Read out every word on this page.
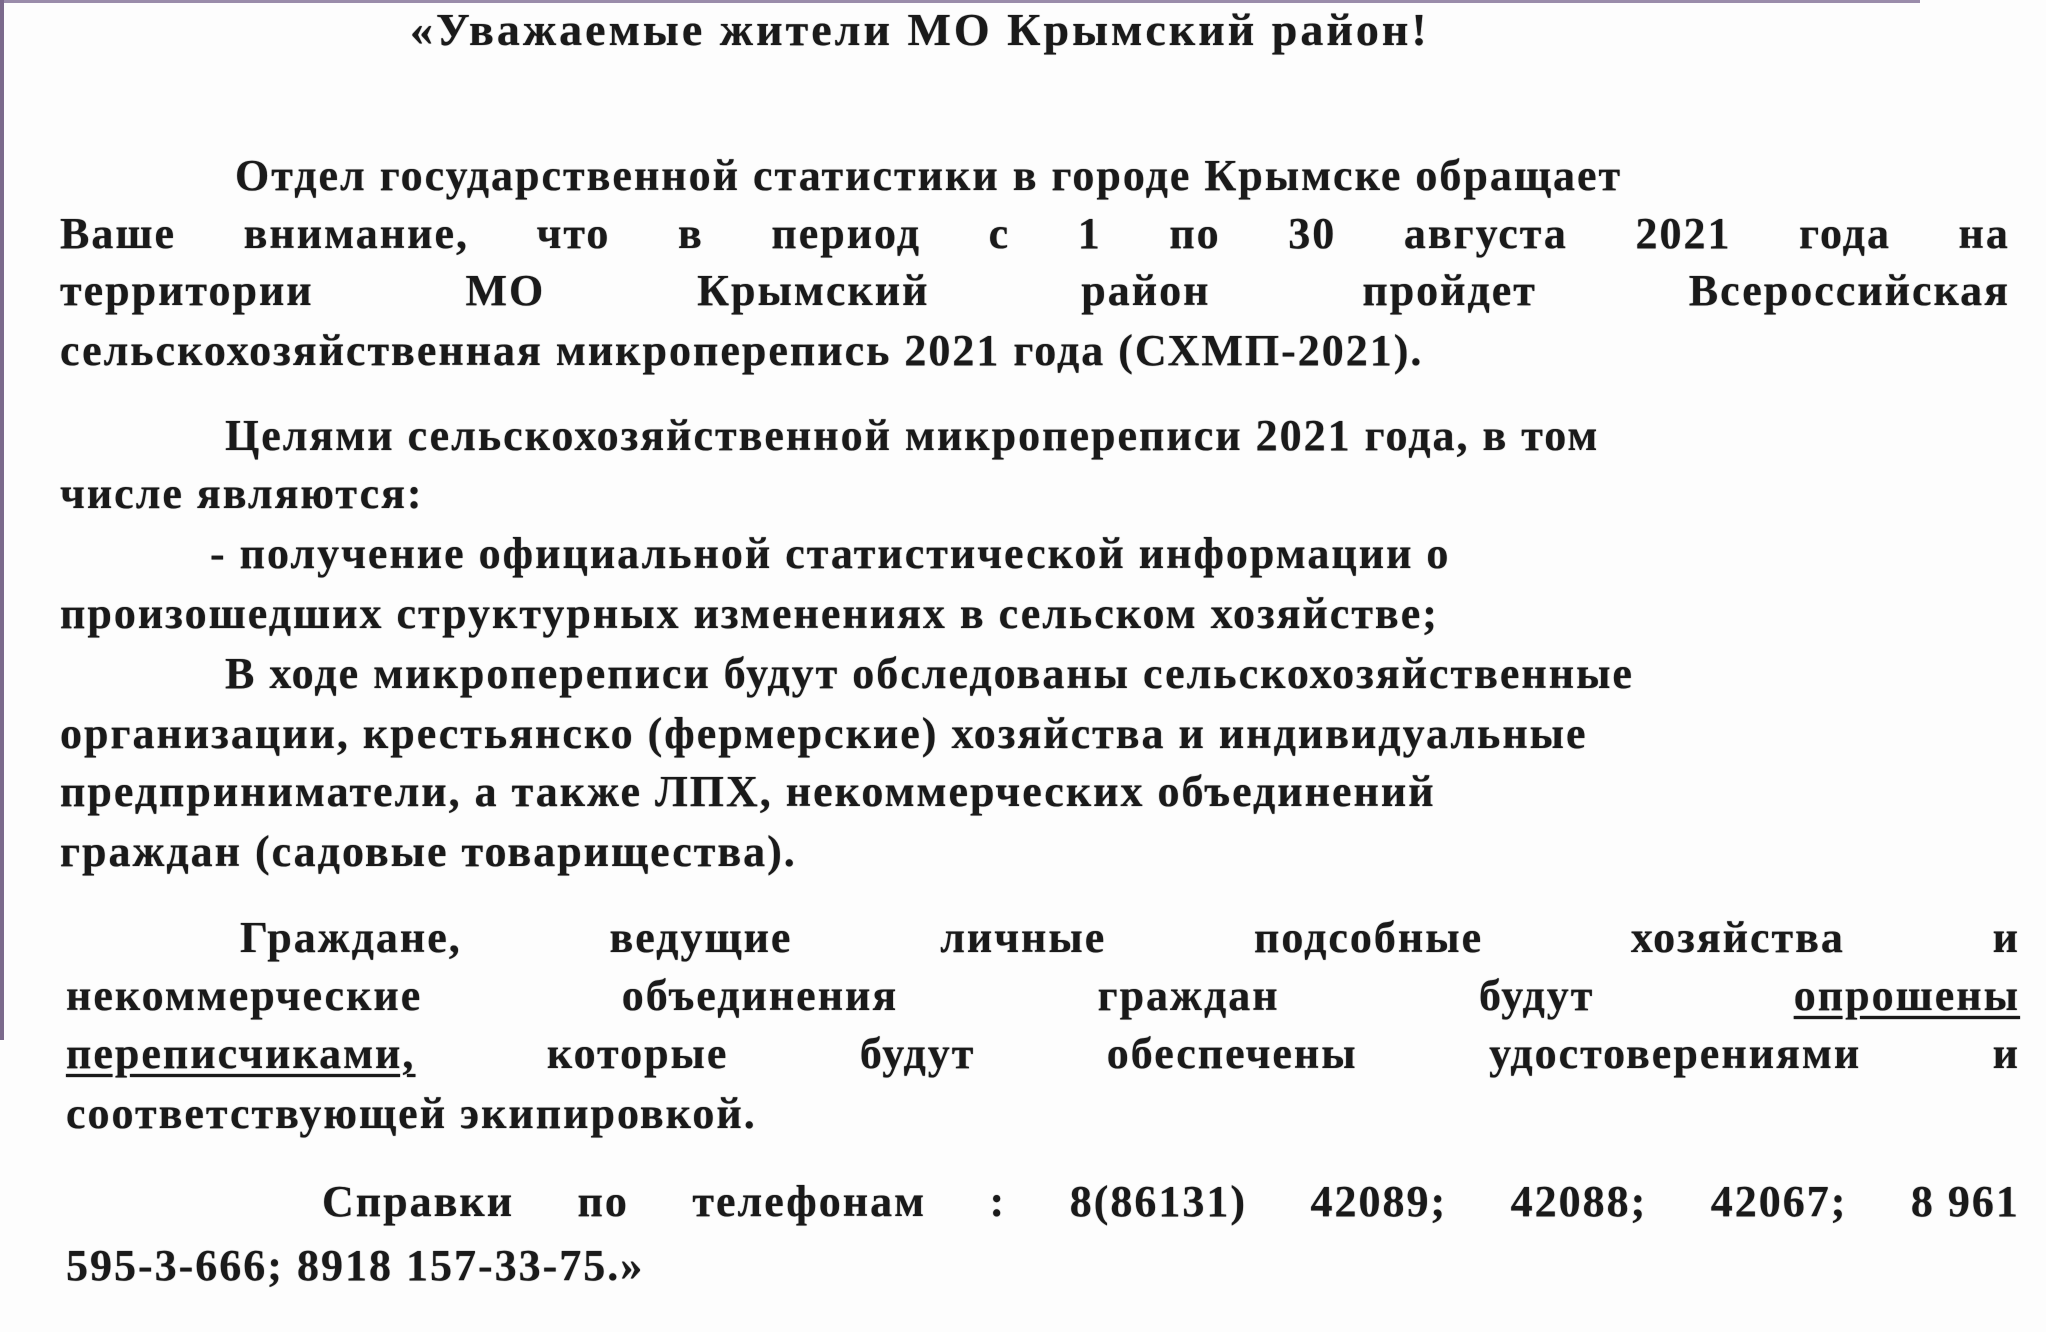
«Уважаемые жители МО Крымский район!
Отдел государственной статистики в городе Крымске обращает
Ваше внимание, что в период с 1 по 30 августа 2021 года на
территории	МО	Крымский	район	пройдет	Всероссийская
сельскохозяйственная микроперепись 2021 года (СХМП-2021).
Целями сельскохозяйственной микропереписи 2021 года, в том
числе являются:
- получение официальной статистической информации о
произошедших структурных изменениях в сельском хозяйстве;
В ходе микропереписи будут обследованы сельскохозяйственные
организации, крестьянско (фермерские) хозяйства и индивидуальные
предприниматели, а также ЛПХ, некоммерческих объединений
граждан (садовые товарищества).
Граждане,	ведущие	личные	подсобные	хозяйства	и
некоммерческие	объединения	граждан	будут	опрошены
переписчиками,	которые	будут	обеспечены	удостоверениями	и
соответствующей экипировкой.
Справки по телефонам : 8(86131) 42089; 42088; 42067; 8 961
595-3-666; 8918 157-33-75.»
